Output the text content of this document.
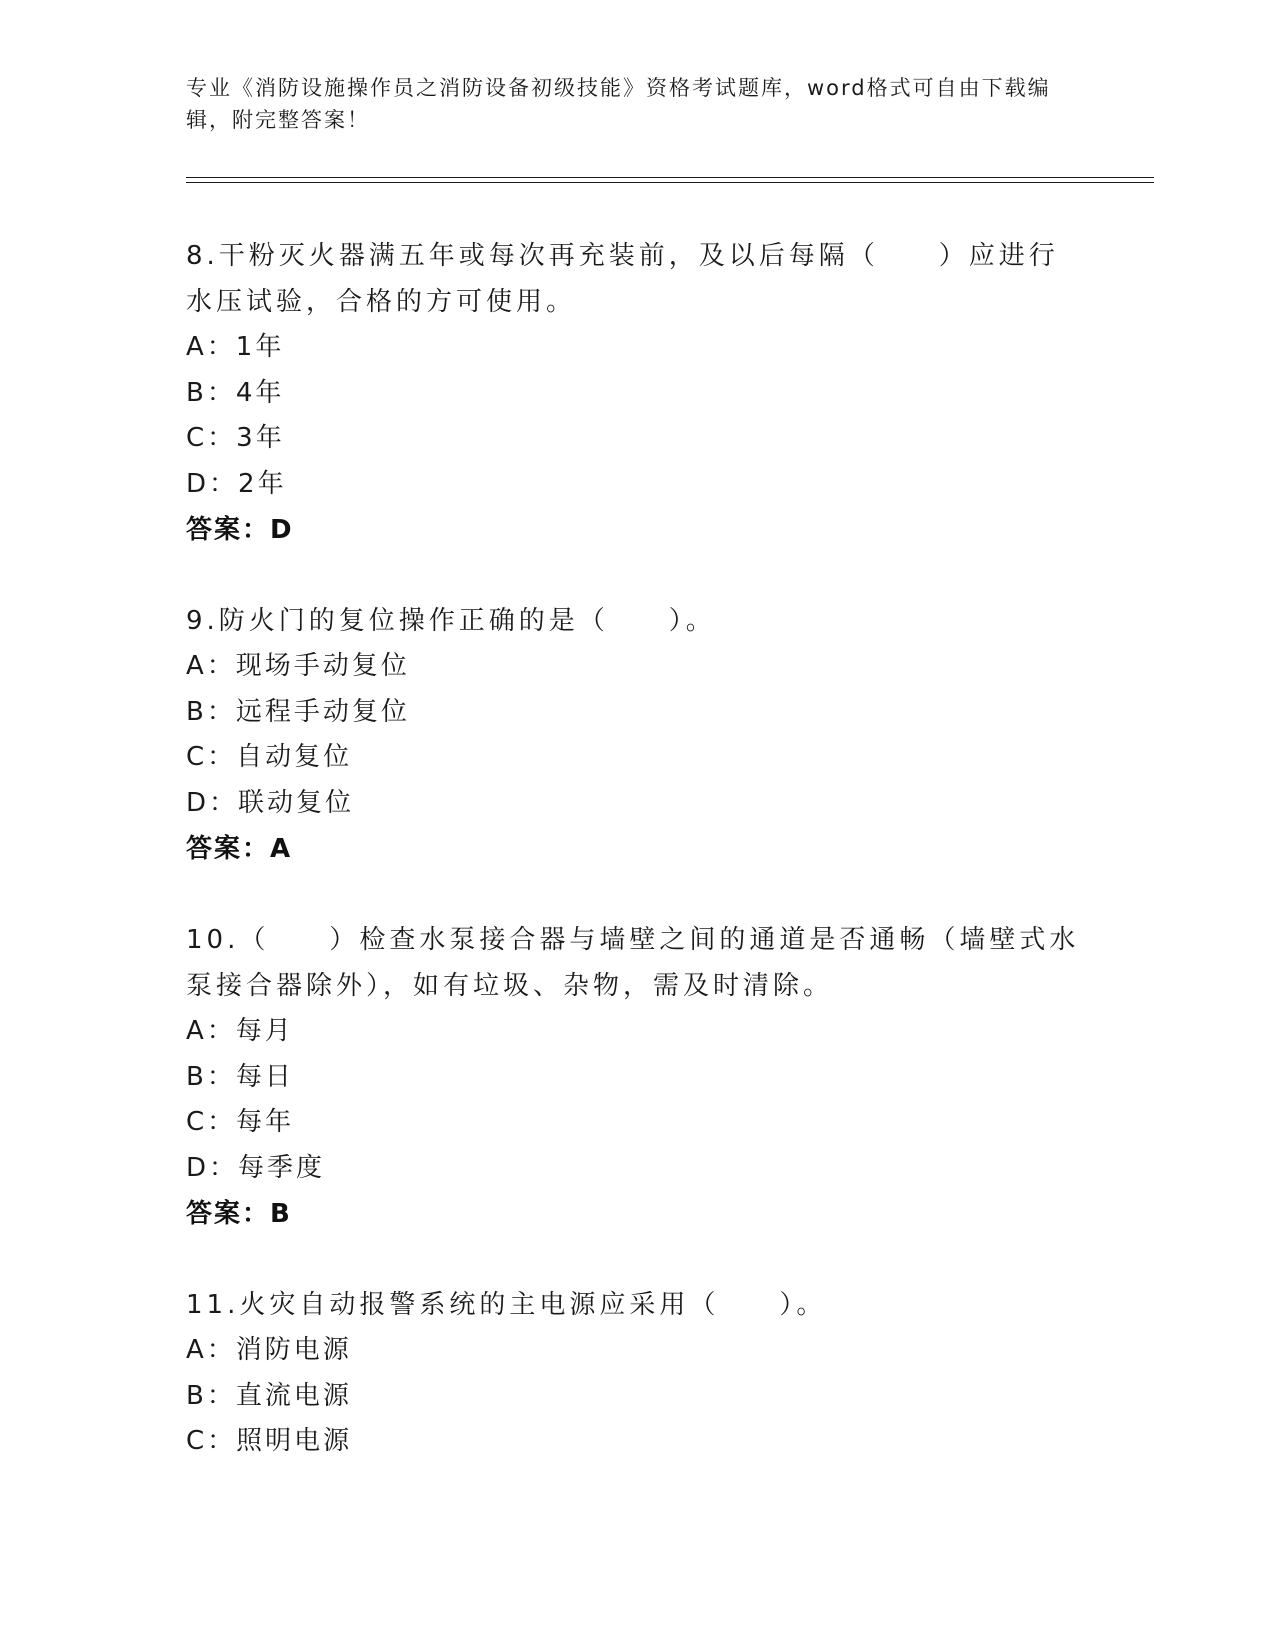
专业《消防设施操作员之消防设备初级技能》资格考试题库，word格式可自由下载编辑，附完整答案！

8.干粉灭火器满五年或每次再充装前，及以后每隔（　　）应进行水压试验，合格的方可使用。

A：1年

B：4年

C：3年

D：2年

答案：D

9.防火门的复位操作正确的是（　　）。

A：现场手动复位

B：远程手动复位

C：自动复位

D：联动复位

答案：A

10.（　　）检查水泵接合器与墙壁之间的通道是否通畅（墙壁式水泵接合器除外），如有垃圾、杂物，需及时清除。

A：每月

B：每日

C：每年

D：每季度

答案：B

11.火灾自动报警系统的主电源应采用（　　）。

A：消防电源

B：直流电源

C：照明电源
